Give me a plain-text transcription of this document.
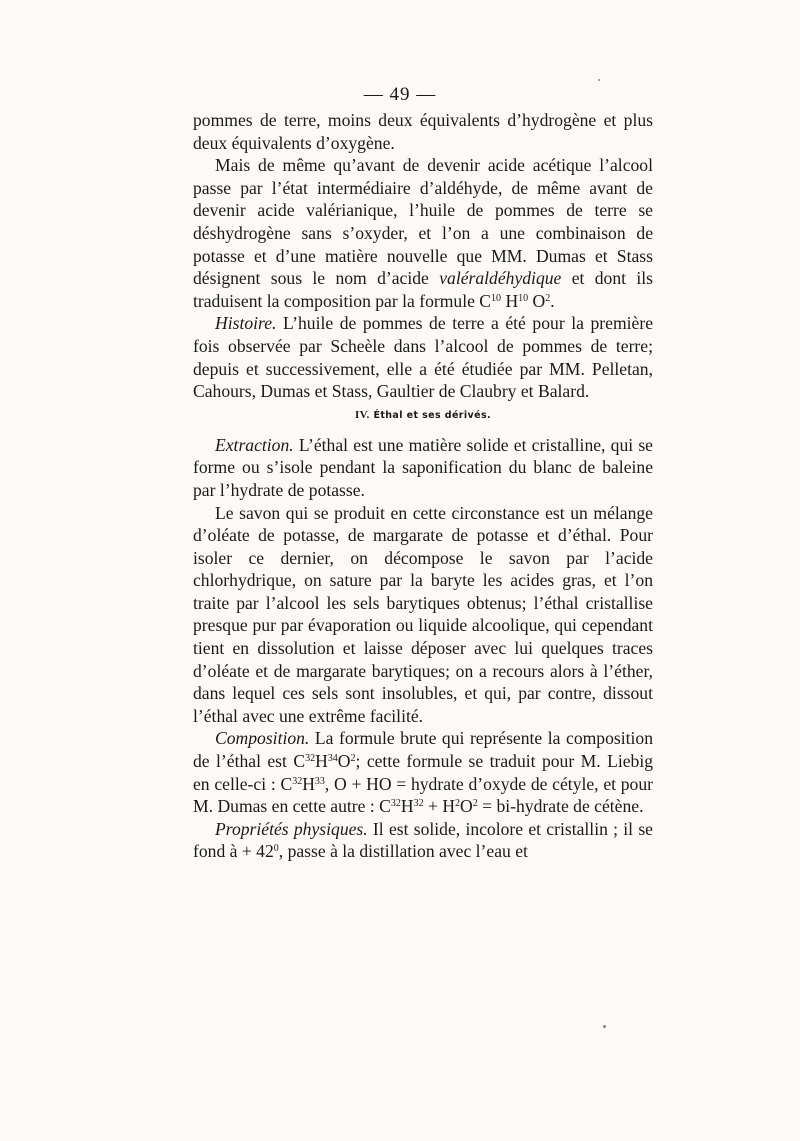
— 49 —

pommes de terre, moins deux équivalents d’hydrogène et plus deux équivalents d’oxygène.

Mais de même qu’avant de devenir acide acétique l’alcool passe par l’état intermédiaire d’aldéhyde, de même avant de devenir acide valérianique, l’huile de pommes de terre se déshydrogène sans s’oxyder, et l’on a une combinaison de potasse et d’une matière nouvelle que MM. Dumas et Stass désignent sous le nom d’acide valéraldéhydique et dont ils traduisent la composition par la formule $C^{10}$ $H^{10}$ $O^2$.

Histoire. L’huile de pommes de terre a été pour la première fois observée par Scheèle dans l’alcool de pommes de terre; depuis et successivement, elle a été étudiée par MM. Pelletan, Cahours, Dumas et Stass, Gaultier de Claubry et Balard.

IV. Éthal et ses dérivés.

Extraction. L’éthal est une matière solide et cristalline, qui se forme ou s’isole pendant la saponification du blanc de baleine par l’hydrate de potasse.

Le savon qui se produit en cette circonstance est un mélange d’oléate de potasse, de margarate de potasse et d’éthal. Pour isoler ce dernier, on décompose le savon par l’acide chlorhydrique, on sature par la baryte les acides gras, et l’on traite par l’alcool les sels barytiques obtenus; l’éthal cristallise presque pur par évaporation ou liquide alcoolique, qui cependant tient en dissolution et laisse déposer avec lui quelques traces d’oléate et de margarate barytiques; on a recours alors à l’éther, dans lequel ces sels sont insolubles, et qui, par contre, dissout l’éthal avec une extrême facilité.

Composition. La formule brute qui représente la composition de l’éthal est $C^{32}H^{34}O^2$; cette formule se traduit pour M. Liebig en celle-ci : $C^{32}H^{33}$, O + HO = hydrate d’oxyde de cétyle, et pour M. Dumas en cette autre : $C^{32}H^{32} + H^2O^2$ = bi-hydrate de cétène.

Propriétés physiques. Il est solide, incolore et cristallin ; il se fond à + $42^0$, passe à la distillation avec l’eau et
